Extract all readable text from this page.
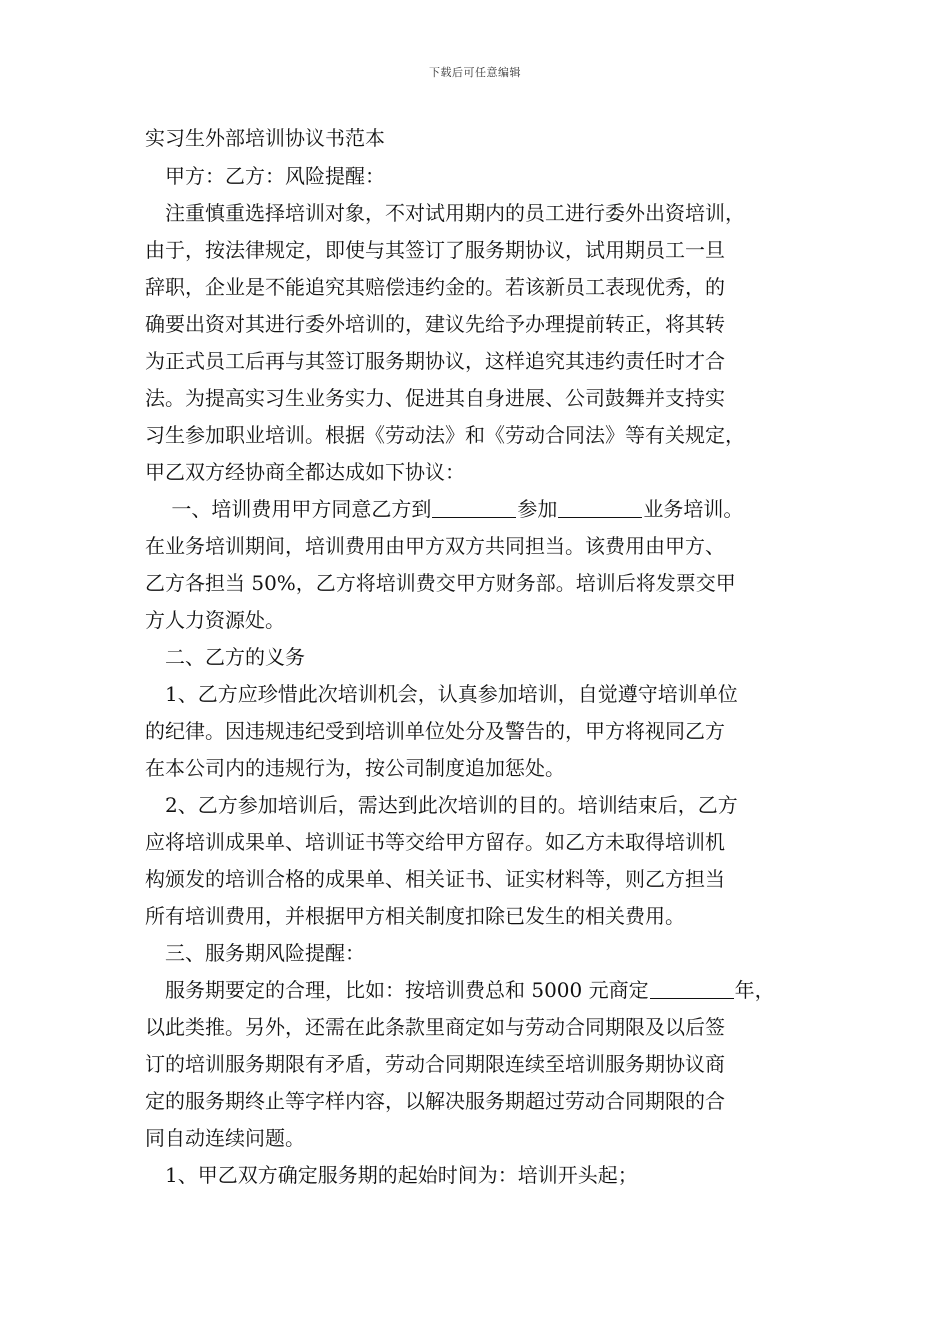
下载后可任意编辑
实习生外部培训协议书范本
　甲方：乙方：风险提醒：
　注重慎重选择培训对象，不对试用期内的员工进行委外出资培训，
由于，按法律规定，即使与其签订了服务期协议，试用期员工一旦
辞职，企业是不能追究其赔偿违约金的。若该新员工表现优秀，的
确要出资对其进行委外培训的，建议先给予办理提前转正，将其转
为正式员工后再与其签订服务期协议，这样追究其违约责任时才合
法。为提高实习生业务实力、促进其自身进展、公司鼓舞并支持实
习生参加职业培训。根据《劳动法》和《劳动合同法》等有关规定，
甲乙双方经协商全都达成如下协议：
　 一、培训费用甲方同意乙方到	参加	业务培训。
在业务培训期间，培训费用由甲方双方共同担当。该费用由甲方、
乙方各担当 50%，乙方将培训费交甲方财务部。培训后将发票交甲
方人力资源处。
　二、乙方的义务
　1、乙方应珍惜此次培训机会，认真参加培训，自觉遵守培训单位
的纪律。因违规违纪受到培训单位处分及警告的，甲方将视同乙方
在本公司内的违规行为，按公司制度追加惩处。
　2、乙方参加培训后，需达到此次培训的目的。培训结束后，乙方
应将培训成果单、培训证书等交给甲方留存。如乙方未取得培训机
构颁发的培训合格的成果单、相关证书、证实材料等，则乙方担当
所有培训费用，并根据甲方相关制度扣除已发生的相关费用。
　三、服务期风险提醒：
　服务期要定的合理，比如：按培训费总和 5000 元商定	年，
以此类推。另外，还需在此条款里商定如与劳动合同期限及以后签
订的培训服务期限有矛盾，劳动合同期限连续至培训服务期协议商
定的服务期终止等字样内容，以解决服务期超过劳动合同期限的合
同自动连续问题。
　1、甲乙双方确定服务期的起始时间为：培训开头起；
